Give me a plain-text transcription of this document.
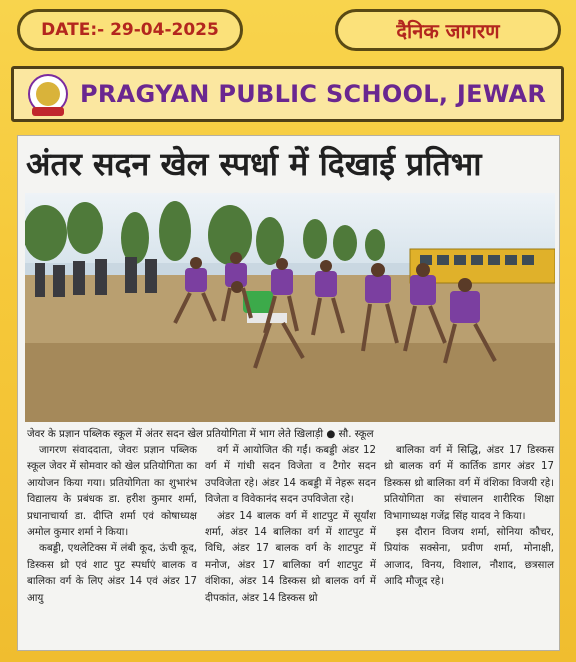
DATE:- 29-04-2025	दैनिक जागरण
PRAGYAN PUBLIC SCHOOL, JEWAR
अंतर सदन खेल स्पर्धा में दिखाई प्रतिभा
जेवर के प्रज्ञान पब्लिक स्कूल में अंतर सदन खेल प्रतियोगिता में भाग लेते खिलाड़ी ● सौ. स्कूल

जागरण संवाददाता, जेवरः प्रज्ञान पब्लिक स्कूल जेवर में सोमवार को खेल प्रतियोगिता का आयोजन किया गया। प्रतियोगिता का शुभारंभ विद्यालय के प्रबंधक डा. हरीश कुमार शर्मा, प्रधानाचार्या डा. दीप्ति शर्मा एवं कोषाध्यक्ष अमोल कुमार शर्मा ने किया।

कबड्डी, एथलेटिक्स में लंबी कूद, ऊंची कूद, डिस्कस थ्रो एवं शाट पुट स्पर्धाएं बालक व बालिका वर्ग के लिए अंडर 14 एवं अंडर 17 आयु

वर्ग में आयोजित की गईं। कबड्डी अंडर 12 वर्ग में गांधी सदन विजेता व टैगोर सदन उपविजेता रहे। अंडर 14 कबड्डी में नेहरू सदन विजेता व विवेकानंद सदन उपविजेता रहे।

अंडर 14 बालक वर्ग में शाटपुट में सूर्यांश शर्मा, अंडर 14 बालिका वर्ग में शाटपुट में विधि, अंडर 17 बालक वर्ग के शाटपुट में मनोज, अंडर 17 बालिका वर्ग शाटपुट में वंशिका, अंडर 14 डिस्कस थ्रो बालक वर्ग में दीपकांत, अंडर 14 डिस्कस थ्रो

बालिका वर्ग में सिद्धि, अंडर 17 डिस्कस थ्रो बालक वर्ग में कार्तिक डागर अंडर 17 डिस्कस थ्रो बालिका वर्ग में वंशिका विजयी रहे। प्रतियोगिता का संचालन शारीरिक शिक्षा विभागाध्यक्ष गजेंद्र सिंह यादव ने किया।

इस दौरान विजय शर्मा, सोनिया कौचर, प्रियांक सक्सेना, प्रवीण शर्मा, मोनाक्षी, आजाद, विनय, विशाल, नौशाद, छत्रसाल आदि मौजूद रहे।
